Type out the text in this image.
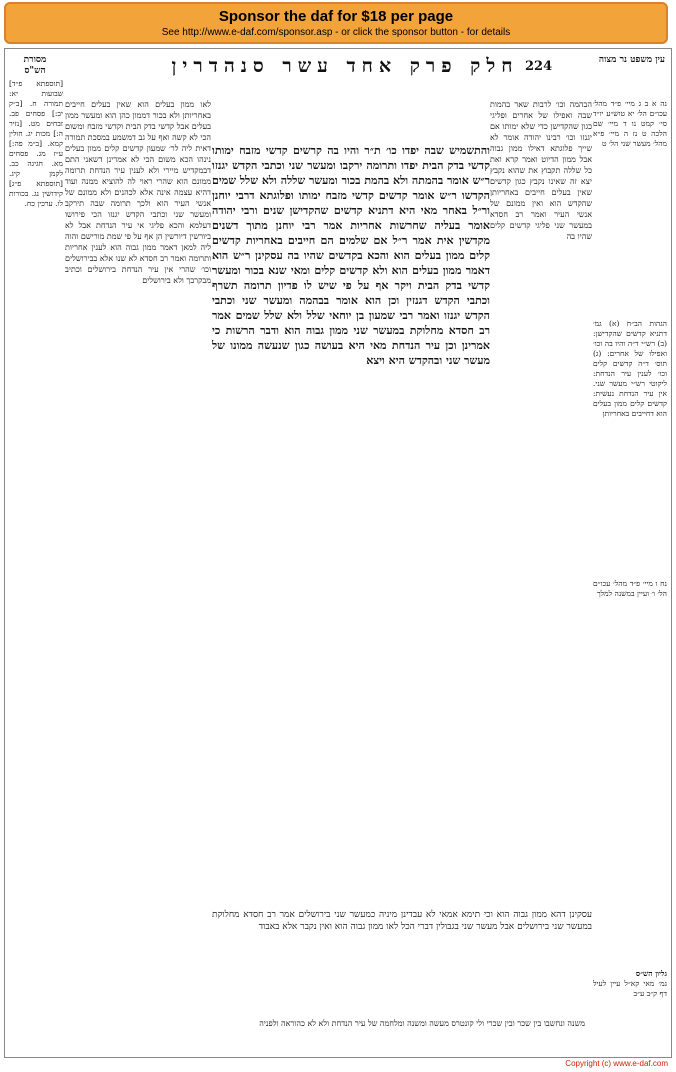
Sponsor the daf for $18 per page
See http://www.e-daf.com/sponsor.asp - or click the sponsor button - for details
חלק פרק אחד עשר סנהדרין 224
מסורת הש"ס
עין משפט נר מצוה
והתשמיש שבה יפדו כו׳ ת״ר והיו בה קרשים קדשי מזבח ימותו קדשי בדק הבית יפדו ותרומה ירקבו ומעשר שני וכתבי הקדש יגנזו ר״ש אומר בהמתה ולא בהמת בכור ומעשר שללה ולא שלל שמים הקדשו ר״ש אומר קדשים קדשי מזבח ימותו ופלוגתא דרבי יוחנן ור״ל באחר מאי היא דתניא קדשים שהקדישן שנים ורבי יהודה אומר בעליה שחרשות אחריות אמר רבי יוחנן מתוך דשנים מקדשין אית אמר ר״ל אם שלמים הם חייבים באחריות קדשים קלים ממון בעלים הוא והכא בקדשים שהיו בה עסקינן ר״ש הוא דאמר ממון בעלים הוא ולא קדשים קלים ומאי שנא בכור ומעשר קדשי בדק הבית ויקר אף על פי שיש לו פדיון תרומה תשרף וכתבי הקדש דגנזין וכן הוא אומר בבהמה ומעשר שני וכתבי הקדש יגנזו ואמר רבי שמעון בן יוחאי שלל ולא שלל שמים אמר רב חסדא מחלוקת במעשר שני ממון גבוה הוא ודבר הרשות כי אמרינן וכן עיר הנדחת מאי היא בעושה כגון שנעשה ממונו של מעשר שני ובהקדש היא ויצא
הבהמה וכו׳ לרבות שאר בהמות שבה ואפילו של אחרים ופליגי כגון שהקדישן כדי שלא ימותו אם יגנזו וכו׳ רבינו יהודה אומר לא שייך פלוגתא דאילו ממון גבוה אבל ממון הדיוט ואמר קרא ואת כל שללה תקבוץ את שהוא נקבץ יצא זה שאינו נקבץ כגון קדשים שאין בעלים חייבים באחריותן שהקדש הוא ואין ממונם של אנשי העיר ואמר רב חסדא במעשר שני פליגי קדשים קלים שהיו בה
לאו ממון בעלים הוא שאין בעלים חייבים באחריותן ולא בכור דממון כהן הוא ומעשר ממון בעלים אבל קדשי בדק הבית וקדשי מזבח ומשום הכי לא קשה ואף על גב דמשמע במסכת תמורה דאית ליה לר׳ שמעון קדשים קלים ממון בעלים נינהו הכא משום הכי לא אמרינן דשאני התם דבמקדיש מיירי ולא לענין עיר הנדחת תרומה ממונם הוא שהרי ראוי לה להוציא ממנה ועוד דהיא עצמה אינה אלא לכהנים ולא ממונם של אנשי העיר הוא ולכך תרומה שבה תירקב ומעשר שני וכתבי הקדש יגנזו הכי פירושו דעלמא והכא פליגי אי עיר הנדחת אבל לא ביורשין דיורשין הן אף על פי שמת מורישם והוה ליה למאן דאמר ממון גבוה הוא לענין אחריות ותרומה ואמר רב חסדא לא שנו אלא בבירושלים וכו׳ שהרי אין עיר הנדחת בירושלים וכתיב מבקרבך ולא בירושלים
נה א ב ג מיי׳ פ״ד מהל׳ עכו״ם הל׳ יא טוש״ע יו״ד סי׳ קמט נו ד מיי׳ שם הלכה ט נז ה מיי׳ פ״א מהל׳ מעשר שני הל׳ ט
נח ו מיי׳ פ״ד מהל׳ עכו״ם הל׳ ו׳ ועיין במשנה למלך
[תוספתא פ״ד] שבועות יא: תמורה ח. [ב״ק יב:] פסחים פב. זבחים מט. [נזיר ה:] מכות יג. חולין קמא. [ב״מ פה:] ע״ז מג. פסחים מא. חגיגה כב. לקמן קיג. [תוספתא פ״ג] קידושין נג. בכורות לו. ערכין כח.
הגהות הב״ח (א) גמ׳ דתניא קדשים שהקדישן: (ב) רש״י ד״ה והיו בה וכו׳ ואפילו של אחרים: (ג) תוס׳ ד״ה קדשים קלים וכו׳ לענין עיר הנדחת: ליקוטי רש״י מעשר שני. אין עיר הנדחת נעשית: קדשים קלים ממון בעלים הוא דחייבים באחריותן
עסקינן דהא ממון גבוה הוא וכי תימא אמאי לא עבדינן מיניה כמעשר שני בירושלים אמר רב חסדא מחלוקת במעשר שני בירושלים אבל מעשר שני בגבולין דברי הכל לאו ממון גבוה הוא ואין נקבר אלא באבוד
משנה ונחשבו בין שכר ובין שכרי ולי קונטרס מעשה ומשנה ומלחמה של עיר הנדחת ולא לא כהוראה ולפניה
גליון הש״ס
גמ׳ מאי קא״ל עיין לעיל דף ק״ב ע״ב
Copyright (c) www.e-daf.com
